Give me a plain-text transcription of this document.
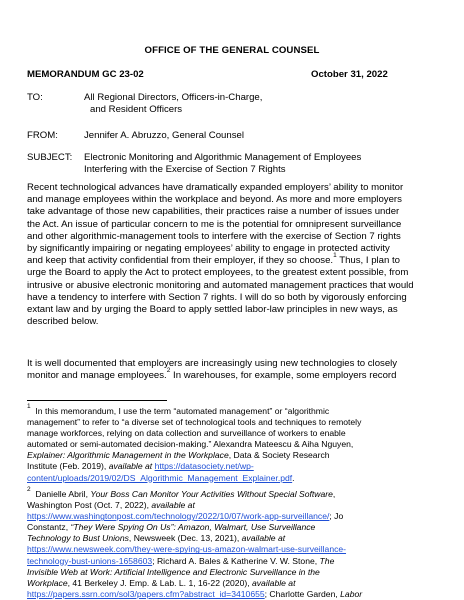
OFFICE OF THE GENERAL COUNSEL
MEMORANDUM GC 23-02	October 31, 2022
TO:	All Regional Directors, Officers-in-Charge,
and Resident Officers
FROM:	Jennifer A. Abruzzo, General Counsel
SUBJECT: Electronic Monitoring and Algorithmic Management of Employees
Interfering with the Exercise of Section 7 Rights
Recent technological advances have dramatically expanded employers’ ability to monitor
and manage employees within the workplace and beyond. As more and more employers
take advantage of those new capabilities, their practices raise a number of issues under
the Act. An issue of particular concern to me is the potential for omnipresent surveillance
and other algorithmic-management tools to interfere with the exercise of Section 7 rights
by significantly impairing or negating employees’ ability to engage in protected activity
and keep that activity confidential from their employer, if they so choose.$^1$ Thus, I plan to
urge the Board to apply the Act to protect employees, to the greatest extent possible, from
intrusive or abusive electronic monitoring and automated management practices that would
have a tendency to interfere with Section 7 rights. I will do so both by vigorously enforcing
extant law and by urging the Board to apply settled labor-law principles in new ways, as
described below.
It is well documented that employers are increasingly using new technologies to closely
monitor and manage employees.$^2$ In warehouses, for example, some employers record
$^1$ In this memorandum, I use the term “automated management” or “algorithmic
management” to refer to “a diverse set of technological tools and techniques to remotely
manage workforces, relying on data collection and surveillance of workers to enable
automated or semi-automated decision-making.” Alexandra Mateescu & Aiha Nguyen,
Explainer: Algorithmic Management in the Workplace, Data & Society Research
Institute (Feb. 2019), available at https://datasociety.net/wp-
content/uploads/2019/02/DS_Algorithmic_Management_Explainer.pdf.
$^2$ Danielle Abril, Your Boss Can Monitor Your Activities Without Special Software,
Washington Post (Oct. 7, 2022), available at
https://www.washingtonpost.com/technology/2022/10/07/work-app-surveillance/; Jo
Constantz, “They Were Spying On Us”: Amazon, Walmart, Use Surveillance
Technology to Bust Unions, Newsweek (Dec. 13, 2021), available at
https://www.newsweek.com/they-were-spying-us-amazon-walmart-use-surveillance-
technology-bust-unions-1658603; Richard A. Bales & Katherine V. W. Stone, The
Invisible Web at Work: Artificial Intelligence and Electronic Surveillance in the
Workplace, 41 Berkeley J. Emp. & Lab. L. 1, 16-22 (2020), available at
https://papers.ssrn.com/sol3/papers.cfm?abstract_id=3410655; Charlotte Garden, Labor
